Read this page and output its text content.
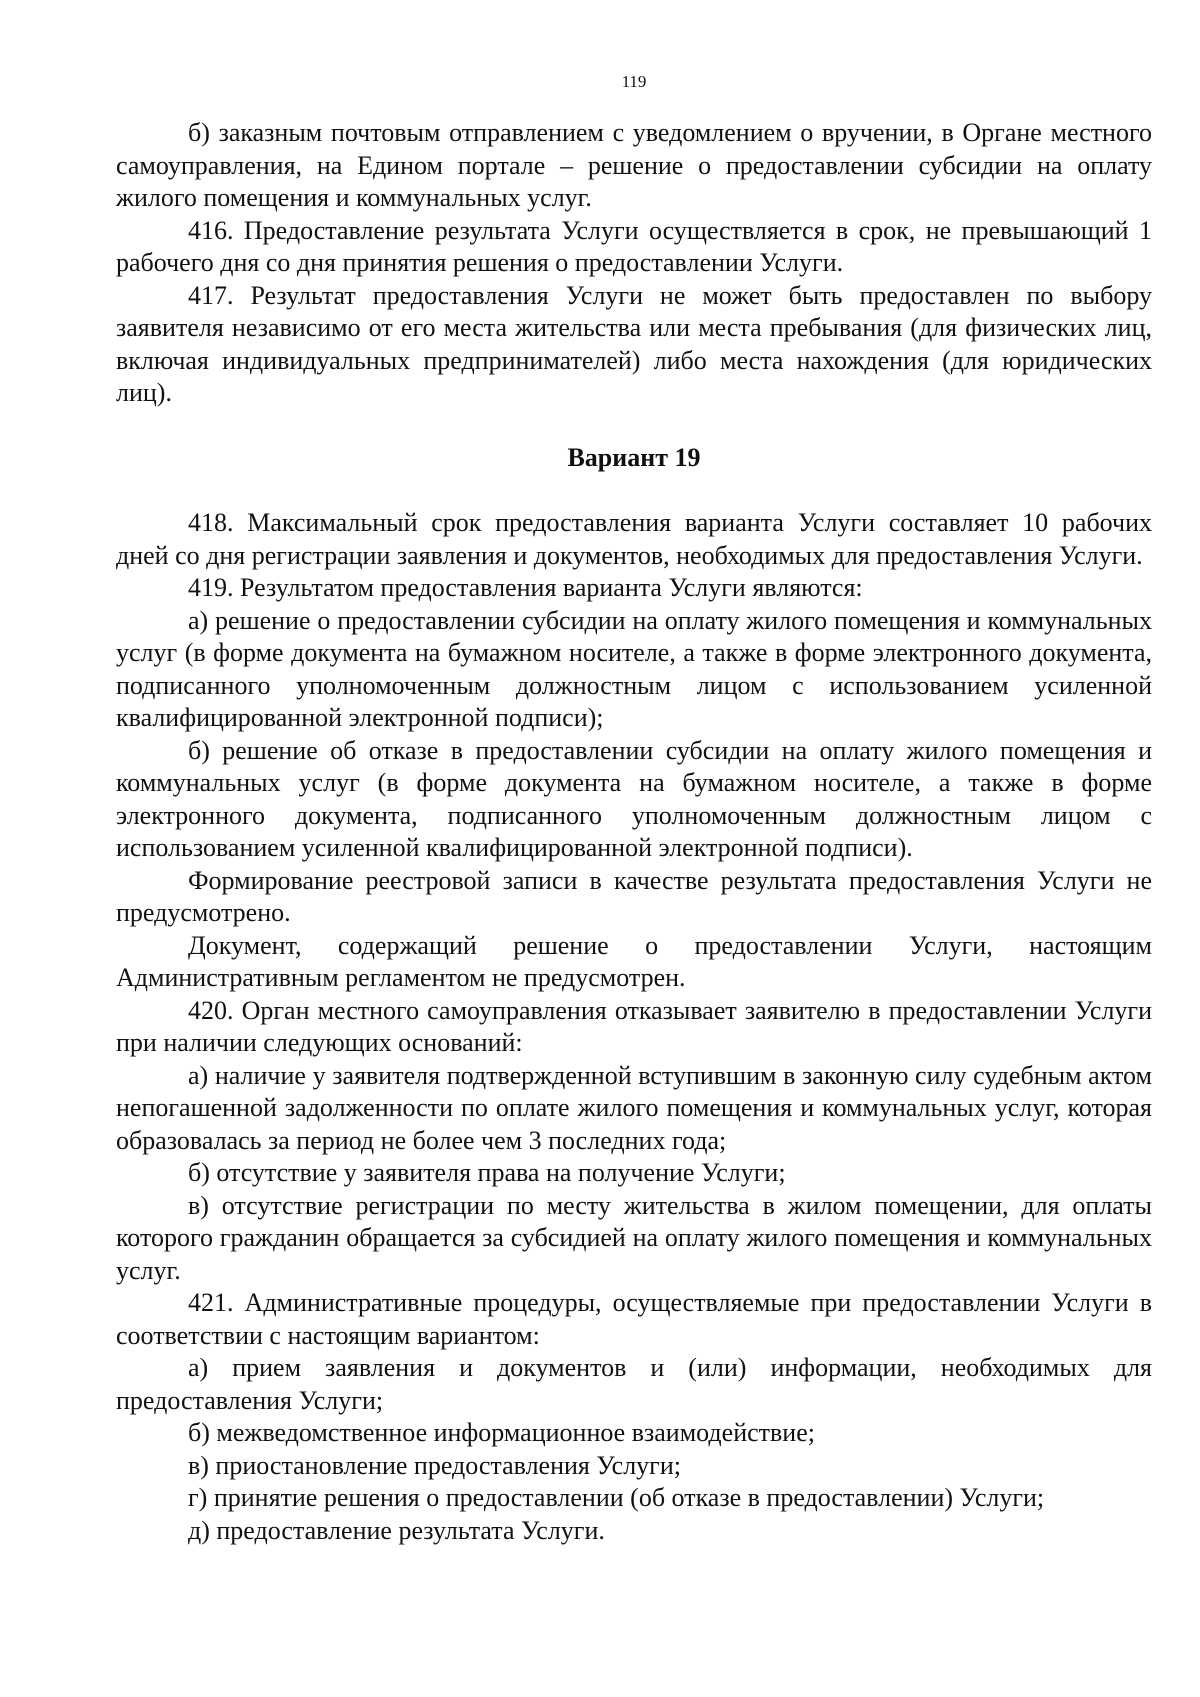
119

б) заказным почтовым отправлением с уведомлением о вручении, в Органе местного самоуправления, на Едином портале – решение о предоставлении субсидии на оплату жилого помещения и коммунальных услуг.

416. Предоставление результата Услуги осуществляется в срок, не превышающий 1 рабочего дня со дня принятия решения о предоставлении Услуги.

417. Результат предоставления Услуги не может быть предоставлен по выбору заявителя независимо от его места жительства или места пребывания (для физических лиц, включая индивидуальных предпринимателей) либо места нахождения (для юридических лиц).

Вариант 19

418. Максимальный срок предоставления варианта Услуги составляет 10 рабочих дней со дня регистрации заявления и документов, необходимых для предоставления Услуги.

419. Результатом предоставления варианта Услуги являются:

а) решение о предоставлении субсидии на оплату жилого помещения и коммунальных услуг (в форме документа на бумажном носителе, а также в форме электронного документа, подписанного уполномоченным должностным лицом с использованием усиленной квалифицированной электронной подписи);

б) решение об отказе в предоставлении субсидии на оплату жилого помещения и коммунальных услуг (в форме документа на бумажном носителе, а также в форме электронного документа, подписанного уполномоченным должностным лицом с использованием усиленной квалифицированной электронной подписи).

Формирование реестровой записи в качестве результата предоставления Услуги не предусмотрено.

Документ, содержащий решение о предоставлении Услуги, настоящим Административным регламентом не предусмотрен.

420. Орган местного самоуправления отказывает заявителю в предоставлении Услуги при наличии следующих оснований:

а) наличие у заявителя подтвержденной вступившим в законную силу судебным актом непогашенной задолженности по оплате жилого помещения и коммунальных услуг, которая образовалась за период не более чем 3 последних года;

б) отсутствие у заявителя права на получение Услуги;

в) отсутствие регистрации по месту жительства в жилом помещении, для оплаты которого гражданин обращается за субсидией на оплату жилого помещения и коммунальных услуг.

421. Административные процедуры, осуществляемые при предоставлении Услуги в соответствии с настоящим вариантом:

а) прием заявления и документов и (или) информации, необходимых для предоставления Услуги;

б) межведомственное информационное взаимодействие;

в) приостановление предоставления Услуги;

г) принятие решения о предоставлении (об отказе в предоставлении) Услуги;

д) предоставление результата Услуги.
